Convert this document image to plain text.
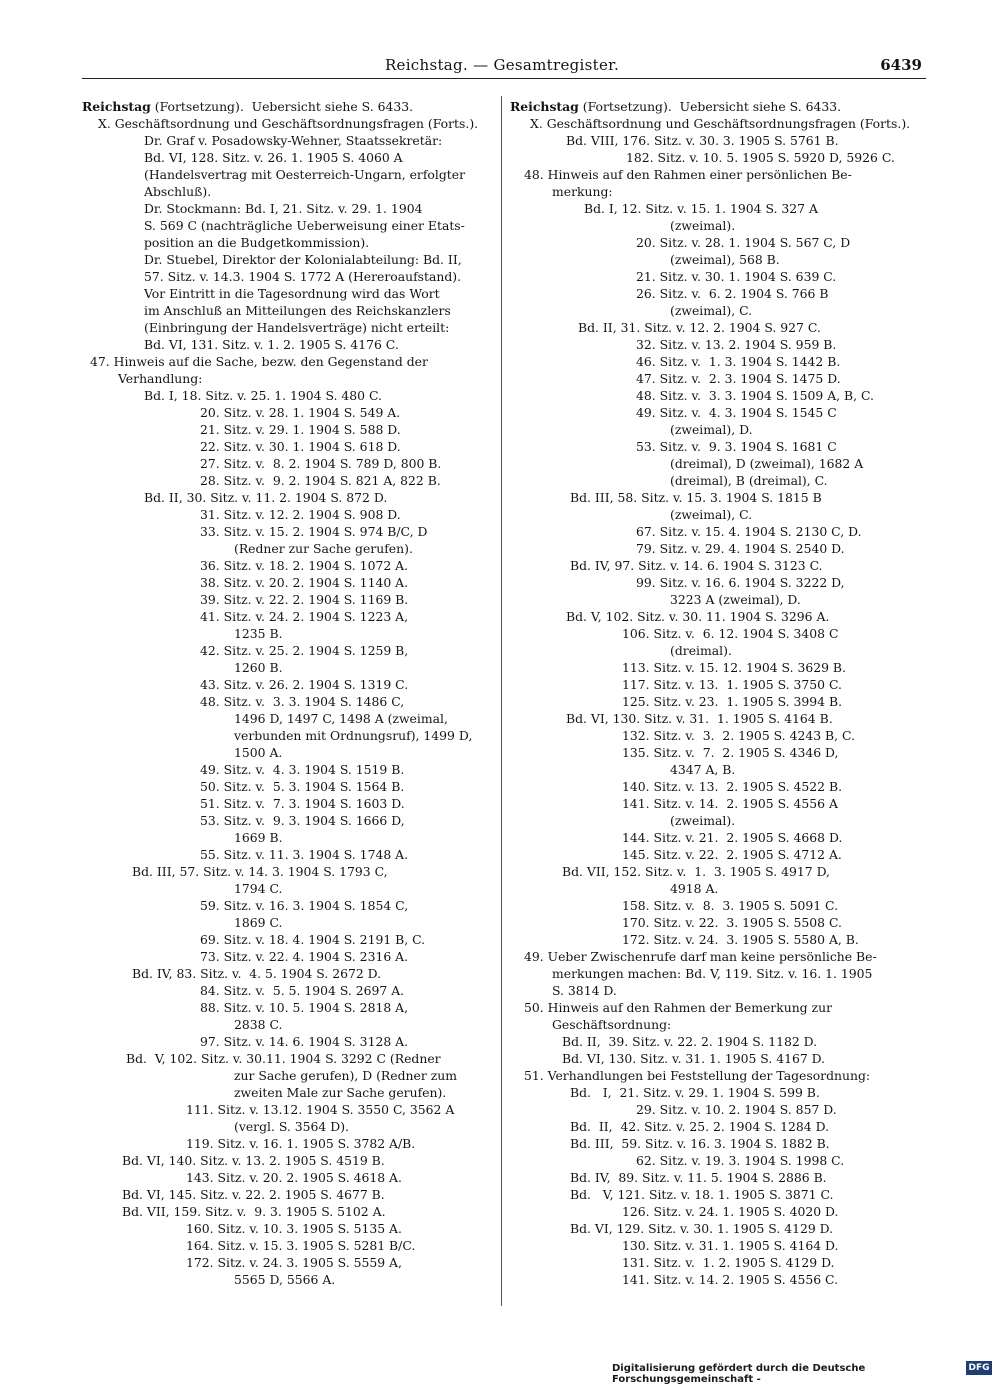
Reichstag. — Gesamtregister.	6439
Reichstag (Fortsetzung).  Uebersicht siehe S. 6433.
X. Geschäftsordnung und Geschäftsordnungsfragen (Forts.).
Dr. Graf v. Posadowsky-Wehner, Staatssekretär:
Bd. VI, 128. Sitz. v. 26. 1. 1905 S. 4060 A
(Handelsvertrag mit Oesterreich-Ungarn, erfolgter
Abschluß).
Dr. Stockmann: Bd. I, 21. Sitz. v. 29. 1. 1904
S. 569 C (nachträgliche Ueberweisung einer Etats-
position an die Budgetkommission).
Dr. Stuebel, Direktor der Kolonialabteilung: Bd. II,
57. Sitz. v. 14.3. 1904 S. 1772 A (Hereroaufstand).
Vor Eintritt in die Tagesordnung wird das Wort
im Anschluß an Mitteilungen des Reichskanzlers
(Einbringung der Handelsverträge) nicht erteilt:
Bd. VI, 131. Sitz. v. 1. 2. 1905 S. 4176 C.
47. Hinweis auf die Sache, bezw. den Gegenstand der
Verhandlung:
Bd. I, 18. Sitz. v. 25. 1. 1904 S. 480 C.
20. Sitz. v. 28. 1. 1904 S. 549 A.
21. Sitz. v. 29. 1. 1904 S. 588 D.
22. Sitz. v. 30. 1. 1904 S. 618 D.
27. Sitz. v.  8. 2. 1904 S. 789 D, 800 B.
28. Sitz. v.  9. 2. 1904 S. 821 A, 822 B.
Bd. II, 30. Sitz. v. 11. 2. 1904 S. 872 D.
31. Sitz. v. 12. 2. 1904 S. 908 D.
33. Sitz. v. 15. 2. 1904 S. 974 B/C, D
(Redner zur Sache gerufen).
36. Sitz. v. 18. 2. 1904 S. 1072 A.
38. Sitz. v. 20. 2. 1904 S. 1140 A.
39. Sitz. v. 22. 2. 1904 S. 1169 B.
41. Sitz. v. 24. 2. 1904 S. 1223 A,
1235 B.
42. Sitz. v. 25. 2. 1904 S. 1259 B,
1260 B.
43. Sitz. v. 26. 2. 1904 S. 1319 C.
48. Sitz. v.  3. 3. 1904 S. 1486 C,
1496 D, 1497 C, 1498 A (zweimal,
verbunden mit Ordnungsruf), 1499 D,
1500 A.
49. Sitz. v.  4. 3. 1904 S. 1519 B.
50. Sitz. v.  5. 3. 1904 S. 1564 B.
51. Sitz. v.  7. 3. 1904 S. 1603 D.
53. Sitz. v.  9. 3. 1904 S. 1666 D,
1669 B.
55. Sitz. v. 11. 3. 1904 S. 1748 A.
Bd. III, 57. Sitz. v. 14. 3. 1904 S. 1793 C,
1794 C.
59. Sitz. v. 16. 3. 1904 S. 1854 C,
1869 C.
69. Sitz. v. 18. 4. 1904 S. 2191 B, C.
73. Sitz. v. 22. 4. 1904 S. 2316 A.
Bd. IV, 83. Sitz. v.  4. 5. 1904 S. 2672 D.
84. Sitz. v.  5. 5. 1904 S. 2697 A.
88. Sitz. v. 10. 5. 1904 S. 2818 A,
2838 C.
97. Sitz. v. 14. 6. 1904 S. 3128 A.
Bd.  V, 102. Sitz. v. 30.11. 1904 S. 3292 C (Redner
zur Sache gerufen), D (Redner zum
zweiten Male zur Sache gerufen).
111. Sitz. v. 13.12. 1904 S. 3550 C, 3562 A
(vergl. S. 3564 D).
119. Sitz. v. 16. 1. 1905 S. 3782 A/B.
Bd. VI, 140. Sitz. v. 13. 2. 1905 S. 4519 B.
143. Sitz. v. 20. 2. 1905 S. 4618 A.
Bd. VI, 145. Sitz. v. 22. 2. 1905 S. 4677 B.
Bd. VII, 159. Sitz. v.  9. 3. 1905 S. 5102 A.
160. Sitz. v. 10. 3. 1905 S. 5135 A.
164. Sitz. v. 15. 3. 1905 S. 5281 B/C.
172. Sitz. v. 24. 3. 1905 S. 5559 A,
5565 D, 5566 A.
Reichstag (Fortsetzung).  Uebersicht siehe S. 6433.
X. Geschäftsordnung und Geschäftsordnungsfragen (Forts.).
Bd. VIII, 176. Sitz. v. 30. 3. 1905 S. 5761 B.
182. Sitz. v. 10. 5. 1905 S. 5920 D, 5926 C.
48. Hinweis auf den Rahmen einer persönlichen Be-
merkung:
Bd. I, 12. Sitz. v. 15. 1. 1904 S. 327 A
(zweimal).
20. Sitz. v. 28. 1. 1904 S. 567 C, D
(zweimal), 568 B.
21. Sitz. v. 30. 1. 1904 S. 639 C.
26. Sitz. v.  6. 2. 1904 S. 766 B
(zweimal), C.
Bd. II, 31. Sitz. v. 12. 2. 1904 S. 927 C.
32. Sitz. v. 13. 2. 1904 S. 959 B.
46. Sitz. v.  1. 3. 1904 S. 1442 B.
47. Sitz. v.  2. 3. 1904 S. 1475 D.
48. Sitz. v.  3. 3. 1904 S. 1509 A, B, C.
49. Sitz. v.  4. 3. 1904 S. 1545 C
(zweimal), D.
53. Sitz. v.  9. 3. 1904 S. 1681 C
(dreimal), D (zweimal), 1682 A
(dreimal), B (dreimal), C.
Bd. III, 58. Sitz. v. 15. 3. 1904 S. 1815 B
(zweimal), C.
67. Sitz. v. 15. 4. 1904 S. 2130 C, D.
79. Sitz. v. 29. 4. 1904 S. 2540 D.
Bd. IV, 97. Sitz. v. 14. 6. 1904 S. 3123 C.
99. Sitz. v. 16. 6. 1904 S. 3222 D,
3223 A (zweimal), D.
Bd. V, 102. Sitz. v. 30. 11. 1904 S. 3296 A.
106. Sitz. v.  6. 12. 1904 S. 3408 C
(dreimal).
113. Sitz. v. 15. 12. 1904 S. 3629 B.
117. Sitz. v. 13.  1. 1905 S. 3750 C.
125. Sitz. v. 23.  1. 1905 S. 3994 B.
Bd. VI, 130. Sitz. v. 31.  1. 1905 S. 4164 B.
132. Sitz. v.  3.  2. 1905 S. 4243 B, C.
135. Sitz. v.  7.  2. 1905 S. 4346 D,
4347 A, B.
140. Sitz. v. 13.  2. 1905 S. 4522 B.
141. Sitz. v. 14.  2. 1905 S. 4556 A
(zweimal).
144. Sitz. v. 21.  2. 1905 S. 4668 D.
145. Sitz. v. 22.  2. 1905 S. 4712 A.
Bd. VII, 152. Sitz. v.  1.  3. 1905 S. 4917 D,
4918 A.
158. Sitz. v.  8.  3. 1905 S. 5091 C.
170. Sitz. v. 22.  3. 1905 S. 5508 C.
172. Sitz. v. 24.  3. 1905 S. 5580 A, B.
49. Ueber Zwischenrufe darf man keine persönliche Be-
merkungen machen: Bd. V, 119. Sitz. v. 16. 1. 1905
S. 3814 D.
50. Hinweis auf den Rahmen der Bemerkung zur
Geschäftsordnung:
Bd. II,  39. Sitz. v. 22. 2. 1904 S. 1182 D.
Bd. VI, 130. Sitz. v. 31. 1. 1905 S. 4167 D.
51. Verhandlungen bei Feststellung der Tagesordnung:
Bd.   I,  21. Sitz. v. 29. 1. 1904 S. 599 B.
29. Sitz. v. 10. 2. 1904 S. 857 D.
Bd.  II,  42. Sitz. v. 25. 2. 1904 S. 1284 D.
Bd. III,  59. Sitz. v. 16. 3. 1904 S. 1882 B.
62. Sitz. v. 19. 3. 1904 S. 1998 C.
Bd. IV,  89. Sitz. v. 11. 5. 1904 S. 2886 B.
Bd.   V, 121. Sitz. v. 18. 1. 1905 S. 3871 C.
126. Sitz. v. 24. 1. 1905 S. 4020 D.
Bd. VI, 129. Sitz. v. 30. 1. 1905 S. 4129 D.
130. Sitz. v. 31. 1. 1905 S. 4164 D.
131. Sitz. v.  1. 2. 1905 S. 4129 D.
141. Sitz. v. 14. 2. 1905 S. 4556 C.
Digitalisierung gefördert durch die Deutsche Forschungsgemeinschaft -
DFG
